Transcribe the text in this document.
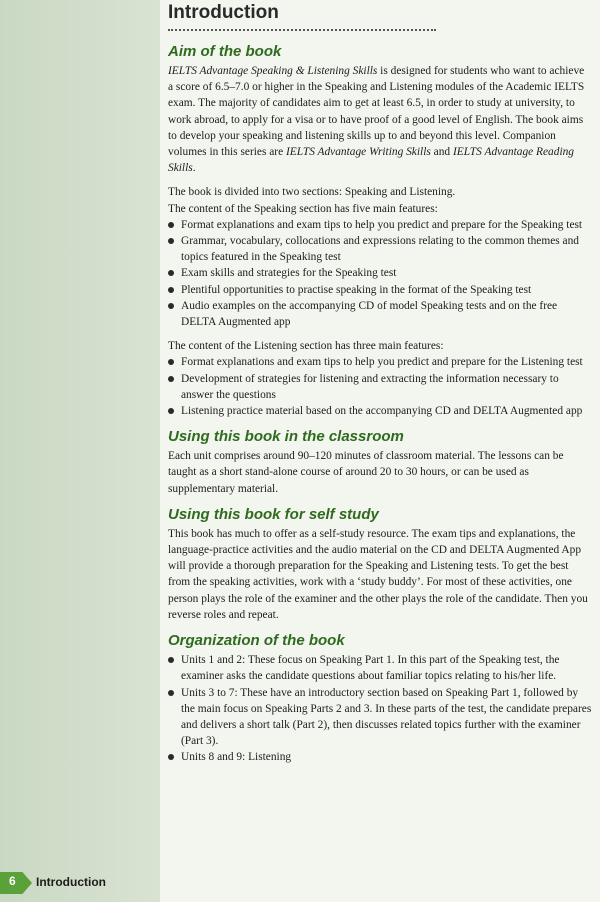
Introduction
Aim of the book

IELTS Advantage Speaking & Listening Skills is designed for students who want to achieve a score of 6.5–7.0 or higher in the Speaking and Listening modules of the Academic IELTS exam. The majority of candidates aim to get at least 6.5, in order to study at university, to work abroad, to apply for a visa or to have proof of a good level of English. The book aims to develop your speaking and listening skills up to and beyond this level. Companion volumes in this series are IELTS Advantage Writing Skills and IELTS Advantage Reading Skills.

The book is divided into two sections: Speaking and Listening.

The content of the Speaking section has five main features:

Format explanations and exam tips to help you predict and prepare for the Speaking test
Grammar, vocabulary, collocations and expressions relating to the common themes and topics featured in the Speaking test
Exam skills and strategies for the Speaking test
Plentiful opportunities to practise speaking in the format of the Speaking test
Audio examples on the accompanying CD of model Speaking tests and on the free DELTA Augmented app

The content of the Listening section has three main features:

Format explanations and exam tips to help you predict and prepare for the Listening test
Development of strategies for listening and extracting the information necessary to answer the questions
Listening practice material based on the accompanying CD and DELTA Augmented app
Using this book in the classroom

Each unit comprises around 90–120 minutes of classroom material. The lessons can be taught as a short stand-alone course of around 20 to 30 hours, or can be used as supplementary material.

Using this book for self study

This book has much to offer as a self-study resource. The exam tips and explanations, the language-practice activities and the audio material on the CD and DELTA Augmented App will provide a thorough preparation for the Speaking and Listening tests. To get the best from the speaking activities, work with a ‘study buddy’. For most of these activities, one person plays the role of the examiner and the other plays the role of the candidate. Then you reverse roles and repeat.

Organization of the book
Units 1 and 2: These focus on Speaking Part 1. In this part of the Speaking test, the examiner asks the candidate questions about familiar topics relating to his/her life.
Units 3 to 7: These have an introductory section based on Speaking Part 1, followed by the main focus on Speaking Parts 2 and 3. In these parts of the test, the candidate prepares and delivers a short talk (Part 2), then discusses related topics further with the examiner (Part 3).
Units 8 and 9: Listening
6 Introduction
